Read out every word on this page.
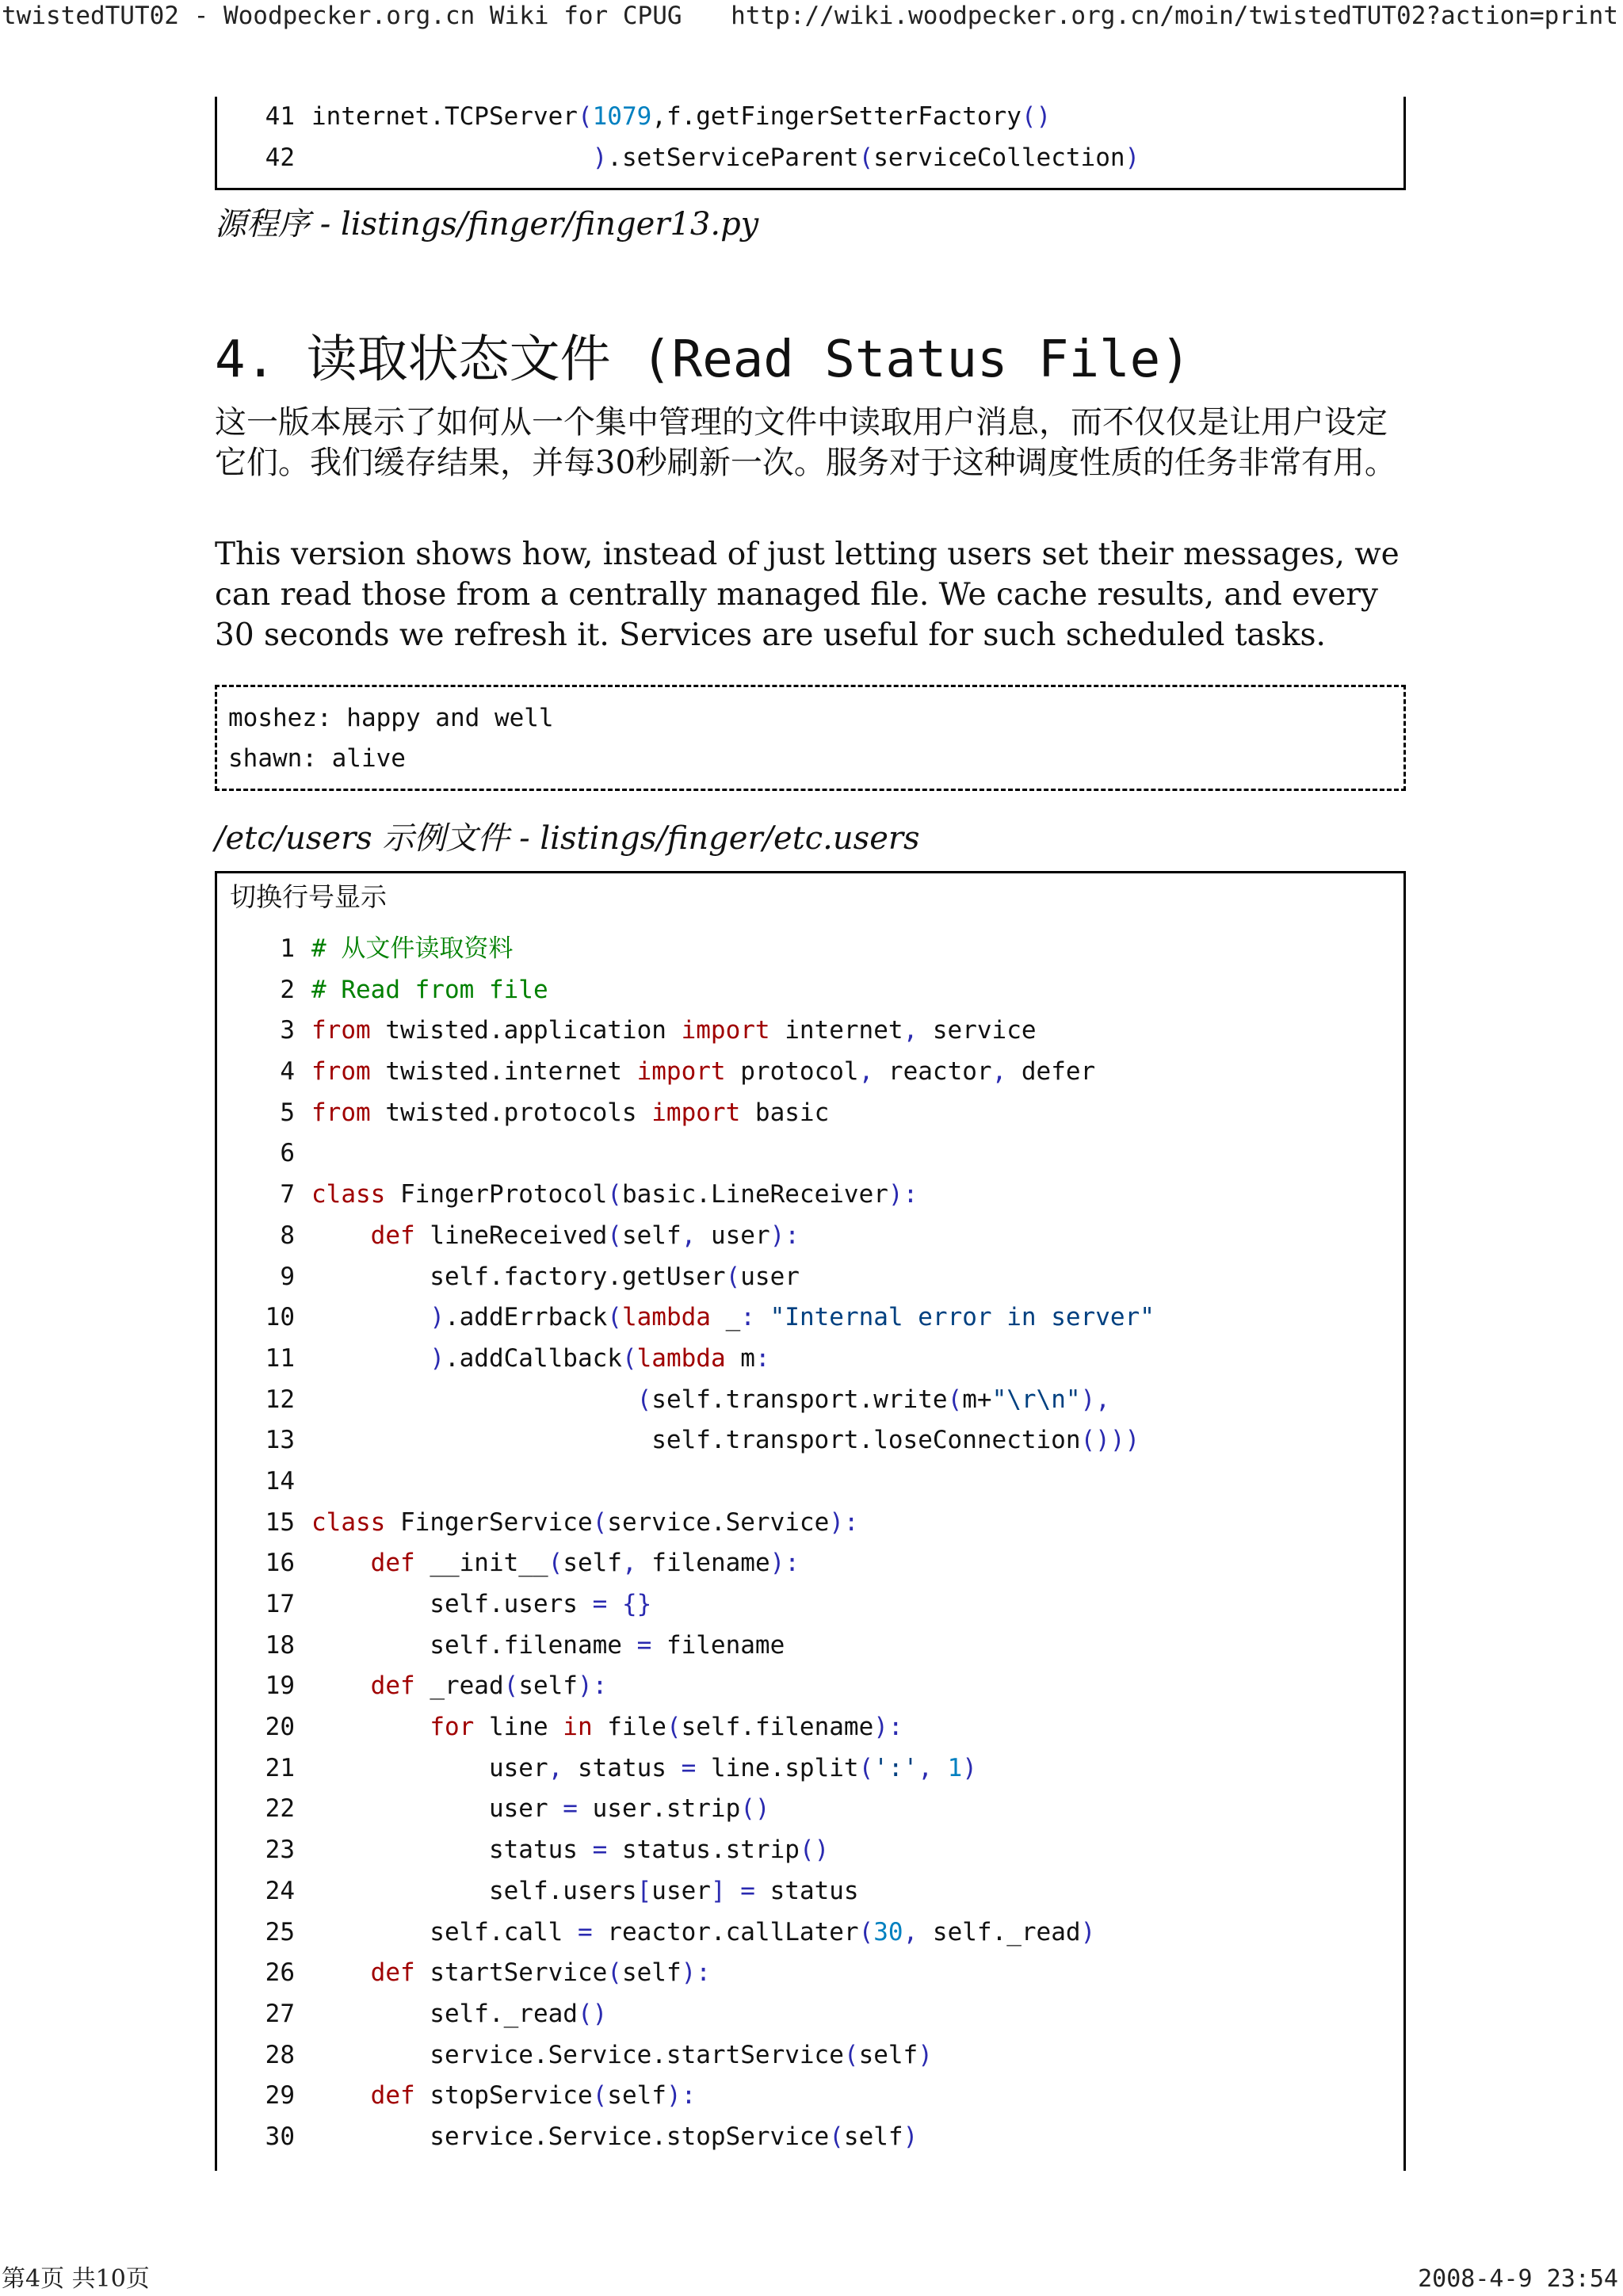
twistedTUT02 - Woodpecker.org.cn Wiki for CPUG http://wiki.woodpecker.org.cn/moin/twistedTUT02?action=print
41 internet.TCPServer(1079,f.getFingerSetterFactory()
42	).setServiceParent(serviceCollection)
源程序 - listings/finger/finger13.py
4. 读取状态文件 (Read Status File)
这一版本展示了如何从一个集中管理的文件中读取用户消息，而不仅仅是让用户设定它们。我们缓存结果，并每30秒刷新一次。服务对于这种调度性质的任务非常有用。
This version shows how, instead of just letting users set their messages, we can read those from a centrally managed file. We cache results, and every 30 seconds we refresh it. Services are useful for such scheduled tasks.
moshez: happy and well
shawn: alive
/etc/users 示例文件 - listings/finger/etc.users
切换行号显示
1 # 从文件读取资料
2 # Read from file
3 from twisted.application import internet, service
4 from twisted.internet import protocol, reactor, defer
5 from twisted.protocols import basic
6
7 class FingerProtocol(basic.LineReceiver):
8	def lineReceived(self, user):
9 self.factory.getUser(user
10	).addErrback(lambda _: "Internal error in server"
11	).addCallback(lambda m:
12	(self.transport.write(m+"\r\n"),
13 self.transport.loseConnection()))
14
15 class FingerService(service.Service):
16	def __init__(self, filename):
17 self.users = {}
18 self.filename = filename
19	def _read(self):
20	for line in file(self.filename):
21 user, status = line.split(':', 1)
22 user = user.strip()
23 status = status.strip()
24 self.users[user] = status
25 self.call = reactor.callLater(30, self._read)
26	def startService(self):
27 self._read()
28 service.Service.startService(self)
29	def stopService(self):
30 service.Service.stopService(self)
第4页 共10页	2008-4-9 23:54
